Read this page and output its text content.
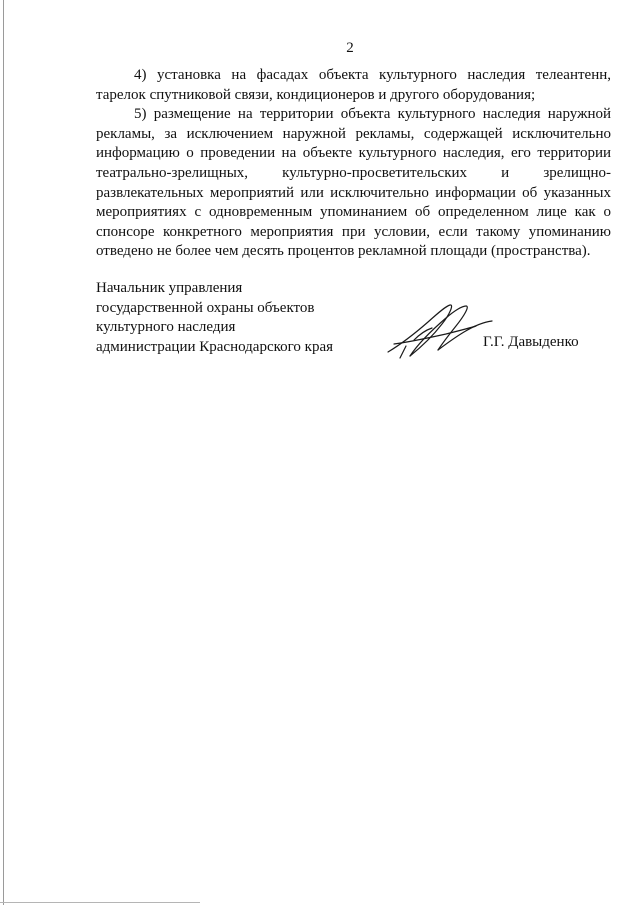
2

4) установка на фасадах объекта культурного наследия телеантенн, тарелок спутниковой связи, кондиционеров и другого оборудования;

5) размещение на территории объекта культурного наследия наружной рекламы, за исключением наружной рекламы, содержащей исключительно информацию о проведении на объекте культурного наследия, его территории театрально-зрелищных, культурно-просветительских и зрелищно-развлекательных мероприятий или исключительно информации об указанных мероприятиях с одновременным упоминанием об определенном лице как о спонсоре конкретного мероприятия при условии, если такому упоминанию отведено не более чем десять процентов рекламной площади (пространства).

Начальник управления
государственной охраны объектов
культурного наследия
администрации Краснодарского края	Г.Г. Давыденко
